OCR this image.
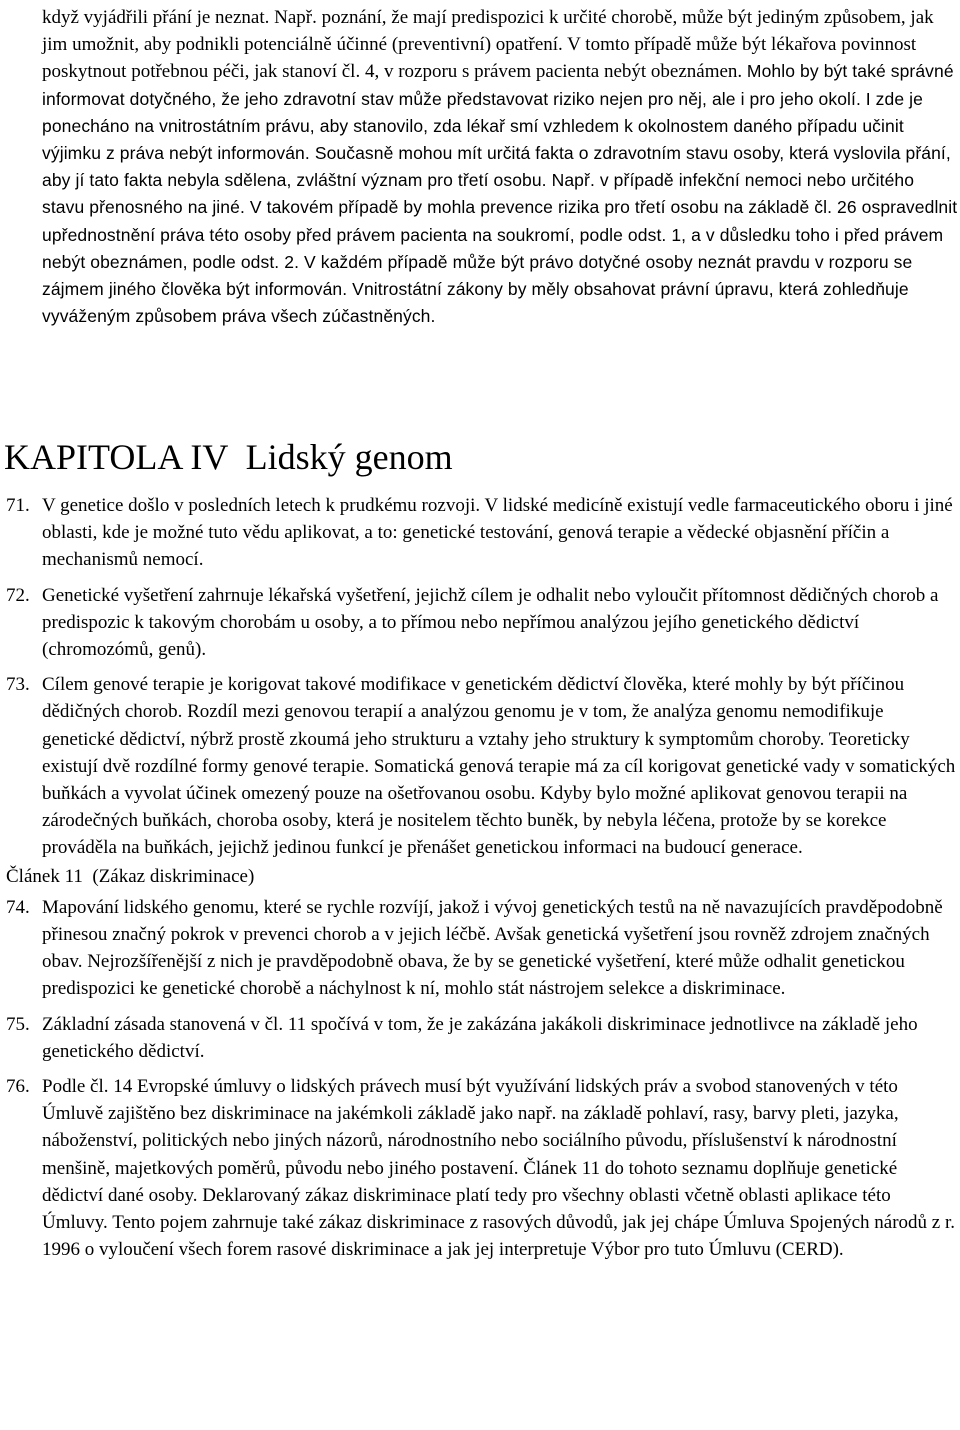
když vyjádřili přání je neznat. Např. poznání, že mají predispozici k určité chorobě, může být jediným způsobem, jak jim umožnit, aby podnikli potenciálně účinné (preventivní) opatření. V tomto případě může být lékařova povinnost poskytnout potřebnou péči, jak stanoví čl. 4, v rozporu s právem pacienta nebýt obeznámen. Mohlo by být také správné informovat dotyčného, že jeho zdravotní stav může představovat riziko nejen pro něj, ale i pro jeho okolí. I zde je ponecháno na vnitrostátním právu, aby stanovilo, zda lékař smí vzhledem k okolnostem daného případu učinit výjimku z práva nebýt informován. Současně mohou mít určitá fakta o zdravotním stavu osoby, která vyslovila přání, aby jí tato fakta nebyla sdělena, zvláštní význam pro třetí osobu. Např. v případě infekční nemoci nebo určitého stavu přenosného na jiné. V takovém případě by mohla prevence rizika pro třetí osobu na základě čl. 26 ospravedlnit upřednostnění práva této osoby před právem pacienta na soukromí, podle odst. 1, a v důsledku toho i před právem nebýt obeznámen, podle odst. 2. V každém případě může být právo dotyčné osoby neznát pravdu v rozporu se zájmem jiného člověka být informován. Vnitrostátní zákony by měly obsahovat právní úpravu, která zohledňuje vyváženým způsobem práva všech zúčastněných.

KAPITOLA IV  Lidský genom
71. V genetice došlo v posledních letech k prudkému rozvoji. V lidské medicíně existují vedle farmaceutického oboru i jiné oblasti, kde je možné tuto vědu aplikovat, a to: genetické testování, genová terapie a vědecké objasnění příčin a mechanismů nemocí.
72. Genetické vyšetření zahrnuje lékařská vyšetření, jejichž cílem je odhalit nebo vyloučit přítomnost dědičných chorob a predispozic k takovým chorobám u osoby, a to přímou nebo nepřímou analýzou jejího genetického dědictví (chromozómů, genů).
73. Cílem genové terapie je korigovat takové modifikace v genetickém dědictví člověka, které mohly by být příčinou dědičných chorob. Rozdíl mezi genovou terapií a analýzou genomu je v tom, že analýza genomu nemodifikuje genetické dědictví, nýbrž prostě zkoumá jeho strukturu a vztahy jeho struktury k symptomům choroby. Teoreticky existují dvě rozdílné formy genové terapie. Somatická genová terapie má za cíl korigovat genetické vady v somatických buňkách a vyvolat účinek omezený pouze na ošetřovanou osobu. Kdyby bylo možné aplikovat genovou terapii na zárodečných buňkách, choroba osoby, která je nositelem těchto buněk, by nebyla léčena, protože by se korekce prováděla na buňkách, jejichž jedinou funkcí je přenášet genetickou informaci na budoucí generace.
Článek 11  (Zákaz diskriminace)
74. Mapování lidského genomu, které se rychle rozvíjí, jakož i vývoj genetických testů na ně navazujících pravděpodobně přinesou značný pokrok v prevenci chorob a v jejich léčbě. Avšak genetická vyšetření jsou rovněž zdrojem značných obav. Nejrozšířenější z nich je pravděpodobně obava, že by se genetické vyšetření, které může odhalit genetickou predispozici ke genetické chorobě a náchylnost k ní, mohlo stát nástrojem selekce a diskriminace.
75. Základní zásada stanovená v čl. 11 spočívá v tom, že je zakázána jakákoli diskriminace jednotlivce na základě jeho genetického dědictví.
76. Podle čl. 14 Evropské úmluvy o lidských právech musí být využívání lidských práv a svobod stanovených v této Úmluvě zajištěno bez diskriminace na jakémkoli základě jako např. na základě pohlaví, rasy, barvy pleti, jazyka, náboženství, politických nebo jiných názorů, národnostního nebo sociálního původu, příslušenství k národnostní menšině, majetkových poměrů, původu nebo jiného postavení. Článek 11 do tohoto seznamu doplňuje genetické dědictví dané osoby. Deklarovaný zákaz diskriminace platí tedy pro všechny oblasti včetně oblasti aplikace této Úmluvy. Tento pojem zahrnuje také zákaz diskriminace z rasových důvodů, jak jej chápe Úmluva Spojených národů z r. 1996 o vyloučení všech forem rasové diskriminace a jak jej interpretuje Výbor pro tuto Úmluvu (CERD).
